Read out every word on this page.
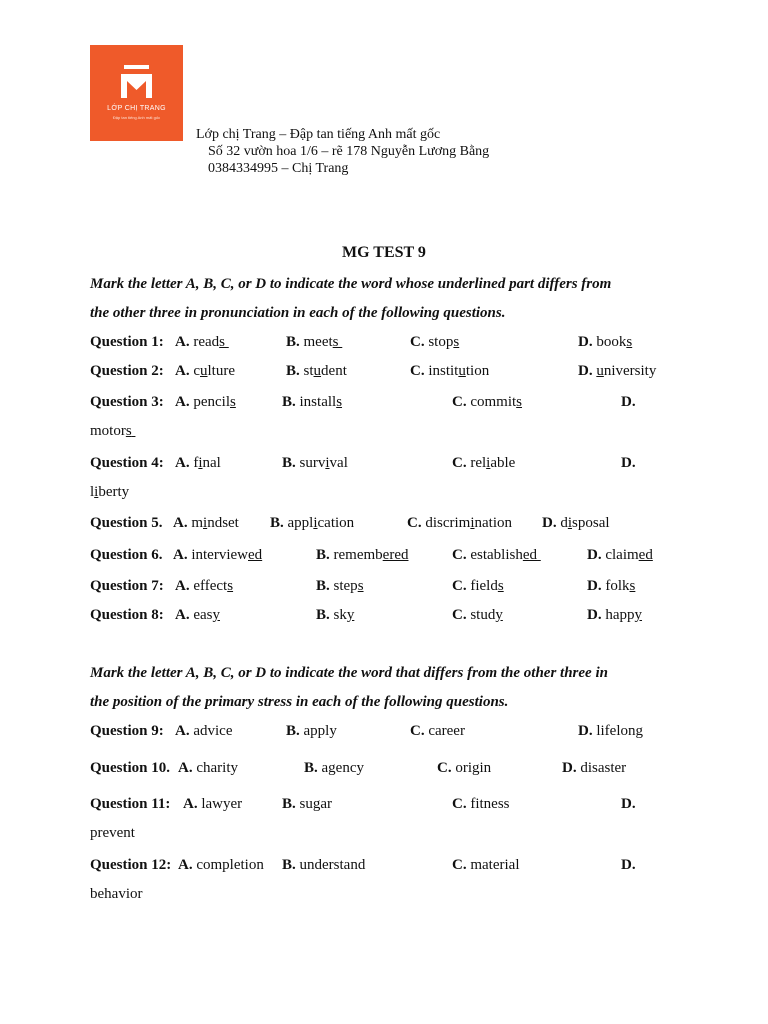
LỚP CHỊ TRANG
Đập tan tiếng Anh mất gốc
Lớp chị Trang – Đập tan tiếng Anh mất gốc
Số 32 vườn hoa 1/6 – rẽ 178 Nguyễn Lương Bằng
0384334995 – Chị Trang
MG TEST 9
Mark the letter A, B, C, or D to indicate the word whose underlined part differs from
the other three in pronunciation in each of the following questions.
Mark the letter A, B, C, or D to indicate the word that differs from the other three in
the position of the primary stress in each of the following questions.
Question 1: A. reads	B. meets	C. stops	D. books
Question 2: A. culture	B. student	C. institution	D. university
Question 3: A. pencils	B. installs	C. commits	D.
motors
Question 4: A. final	B. survival	C. reliable	D.
liberty
Question 5. A. mindset B. application	C. discrimination D. disposal
Question 6. A. interviewed	B. remembered	C. established	D. claimed
Question 7: A. effects	B. steps	C. fields	D. folks
Question 8: A. easy	B. sky	C. study	D. happy
Question 9: A. advice	B. apply	C. career	D. lifelong
Question 10. A. charity	B. agency	C. origin	D. disaster
Question 11: A. lawyer	B. sugar	C. fitness	D.
prevent
Question 12: A. completion B. understand	C. material	D.
behavior
